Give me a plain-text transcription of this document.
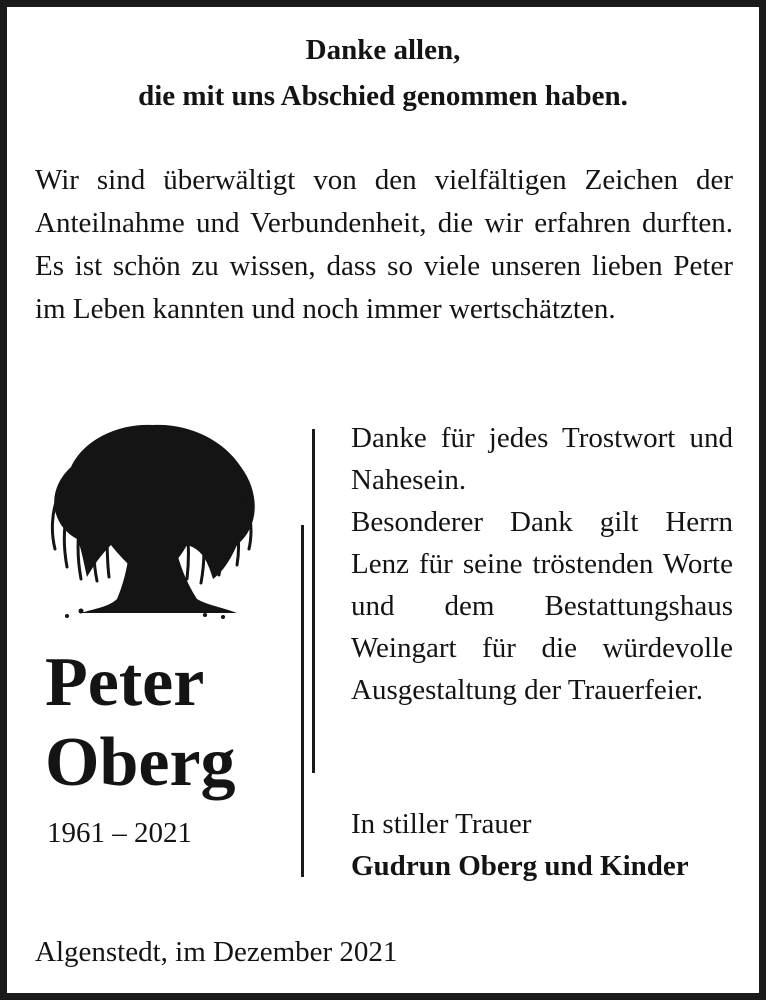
Danke allen,
die mit uns Abschied genommen haben.
Wir sind überwältigt von den vielfältigen Zeichen der Anteilnahme und Verbundenheit, die wir erfahren durften. Es ist schön zu wissen, dass so viele unseren lieben Peter im Leben kannten und noch immer wertschätzten.
Peter
Oberg
1961 – 2021

Danke für jedes Trostwort und Nahesein.

Besonderer Dank gilt Herrn Lenz für seine tröstenden Worte und dem Bestattungshaus Weingart für die würdevolle Ausgestaltung der Trauerfeier.

In stiller Trauer
Gudrun Oberg und Kinder
Algenstedt, im Dezember 2021
